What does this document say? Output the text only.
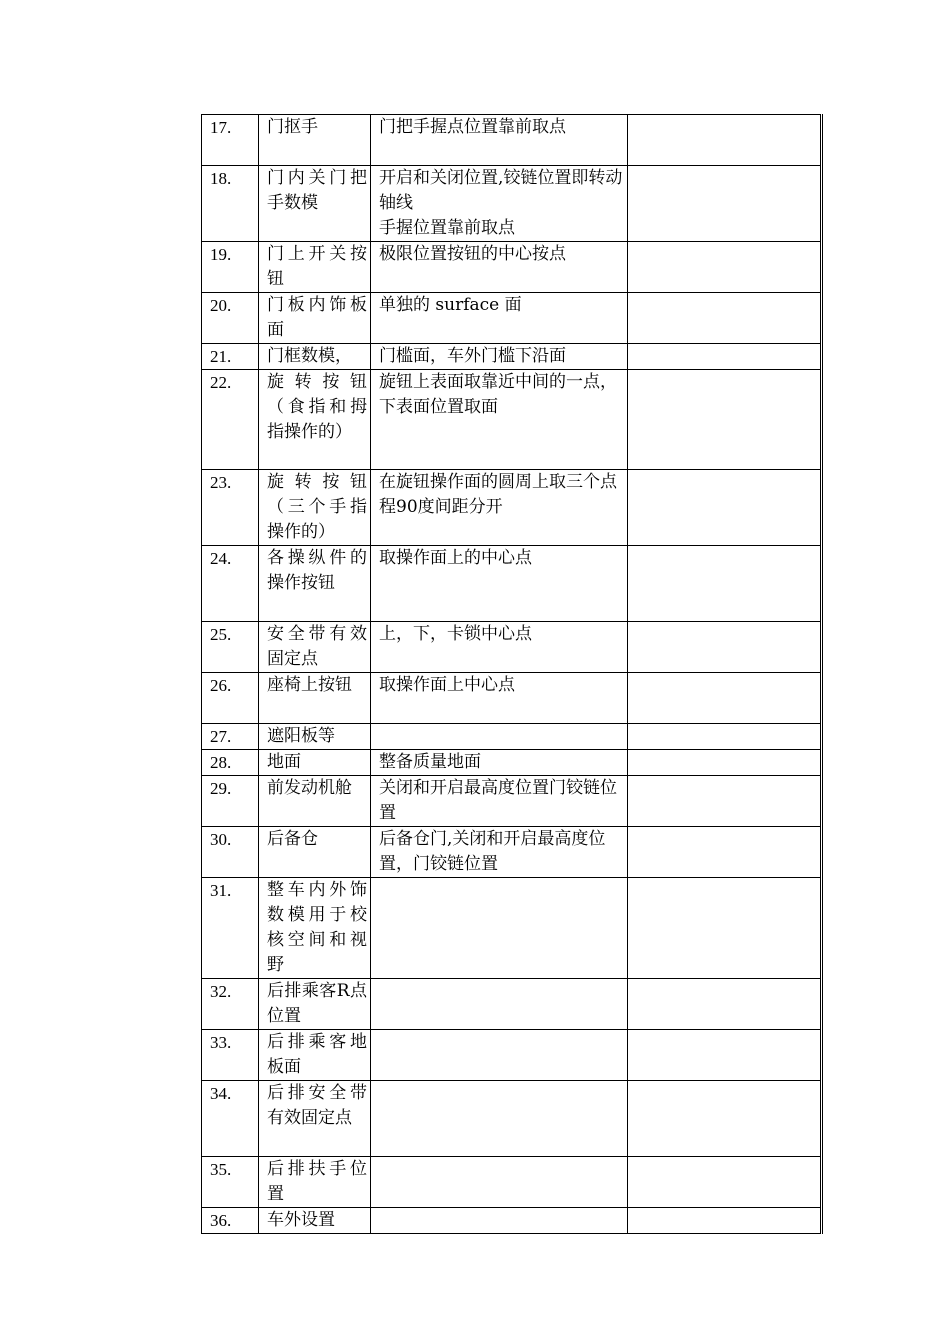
17.	门抠手	门把手握点位置靠前取点	
18.	门内关门把手数模	开启和关闭位置,铰链位置即转动轴线
手握位置靠前取点	
19.	门上开关按钮	极限位置按钮的中心按点	
20.	门板内饰板面	单独的 surface 面	
21.	门框数模，	门槛面，车外门槛下沿面	
22.	旋转按钮（食指和拇指操作的）	旋钮上表面取靠近中间的一点，下表面位置取面	
23.	旋转按钮（三个手指操作的）	在旋钮操作面的圆周上取三个点程90度间距分开	
24.	各操纵件的操作按钮	取操作面上的中心点	
25.	安全带有效固定点	上，下，卡锁中心点	
26.	座椅上按钮	取操作面上中心点	
27.	遮阳板等		
28.	地面	整备质量地面	
29.	前发动机舱	关闭和开启最高度位置门铰链位置	
30.	后备仓	后备仓门,关闭和开启最高度位置，门铰链位置	
31.	整车内外饰数模用于校核空间和视野		
32.	后排乘客R点位置		
33.	后排乘客地板面		
34.	后排安全带有效固定点		
35.	后排扶手位置		
36.	车外设置		
